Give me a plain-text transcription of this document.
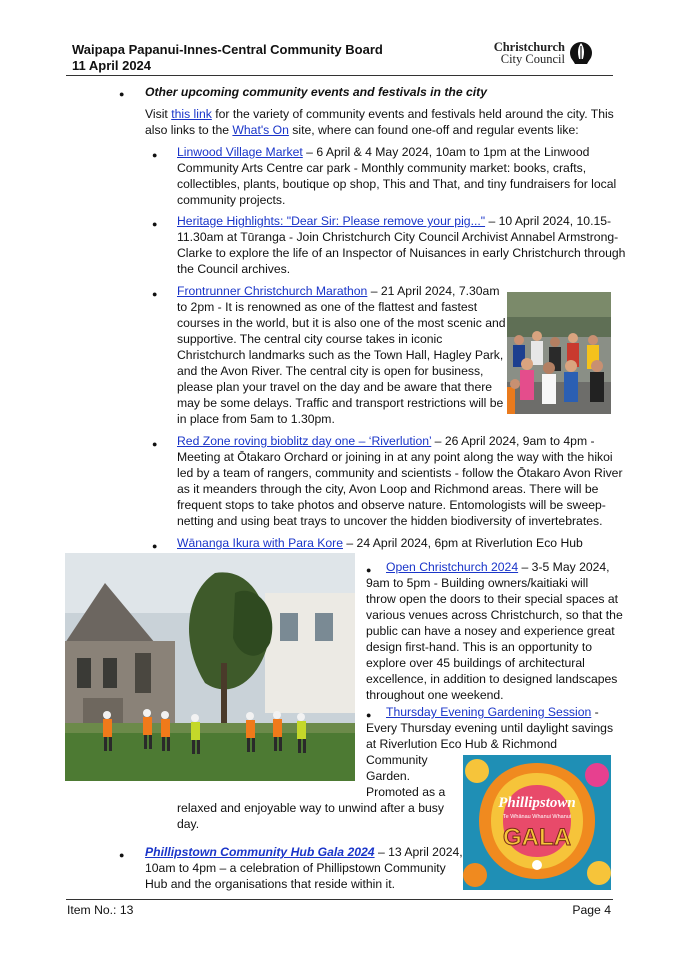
Waipapa Papanui-Innes-Central Community Board
11 April 2024
Christchurch
City Council
● Other upcoming community events and festivals in the city
Visit this link for the variety of community events and festivals held around the city. This
also links to the What's On site, where can found one-off and regular events like:
● Linwood Village Market – 6 April & 4 May 2024, 10am to 1pm at the Linwood
Community Arts Centre car park - Monthly community market: books, crafts,
collectibles, plants, boutique op shop, This and That, and tiny fundraisers for local
community projects.
● Heritage Highlights: "Dear Sir: Please remove your pig..." – 10 April 2024, 10.15-
11.30am at Tūranga - Join Christchurch City Council Archivist Annabel Armstrong-
Clarke to explore the life of an Inspector of Nuisances in early Christchurch through
the Council archives.
● Frontrunner Christchurch Marathon – 21 April 2024, 7.30am
to 2pm - It is renowned as one of the flattest and fastest
courses in the world, but it is also one of the most scenic and
supportive. The central city course takes in iconic
Christchurch landmarks such as the Town Hall, Hagley Park,
and the Avon River. The central city is open for business,
please plan your travel on the day and be aware that there
may be some delays. Traffic and transport restrictions will be
in place from 5am to 1.30pm.
● Red Zone roving bioblitz day one – ‘Riverlution’ – 26 April 2024, 9am to 4pm -
Meeting at Ōtakaro Orchard or joining in at any point along the way with the hikoi
led by a team of rangers, community and scientists - follow the Ōtakaro Avon River
as it meanders through the city, Avon Loop and Richmond areas. There will be
frequent stops to take photos and observe nature. Entomologists will be sweep-
netting and using beat trays to uncover the hidden biodiversity of invertebrates.
● Wānanga Ikura with Para Kore – 24 April 2024, 6pm at Riverlution Eco Hub
●	Open Christchurch 2024 – 3-5 May 2024,
9am to 5pm - Building owners/kaitiaki will
throw open the doors to their special spaces at
various venues across Christchurch, so that the
public can have a nosey and experience great
design first-hand. This is an opportunity to
explore over 45 buildings of architectural
excellence, in addition to designed landscapes
throughout one weekend.
●	Thursday Evening Gardening Session -
Every Thursday evening until daylight savings
at Riverlution Eco Hub & Richmond
Community
Garden.
Promoted as a
relaxed and enjoyable way to unwind after a busy
day.
Phillipstown
Te Whānau Whanui Whanui
GALA
● Phillipstown Community Hub Gala 2024 – 13 April 2024,
10am to 4pm – a celebration of Phillipstown Community
Hub and the organisations that reside within it.
Item No.: 13	Page 4
